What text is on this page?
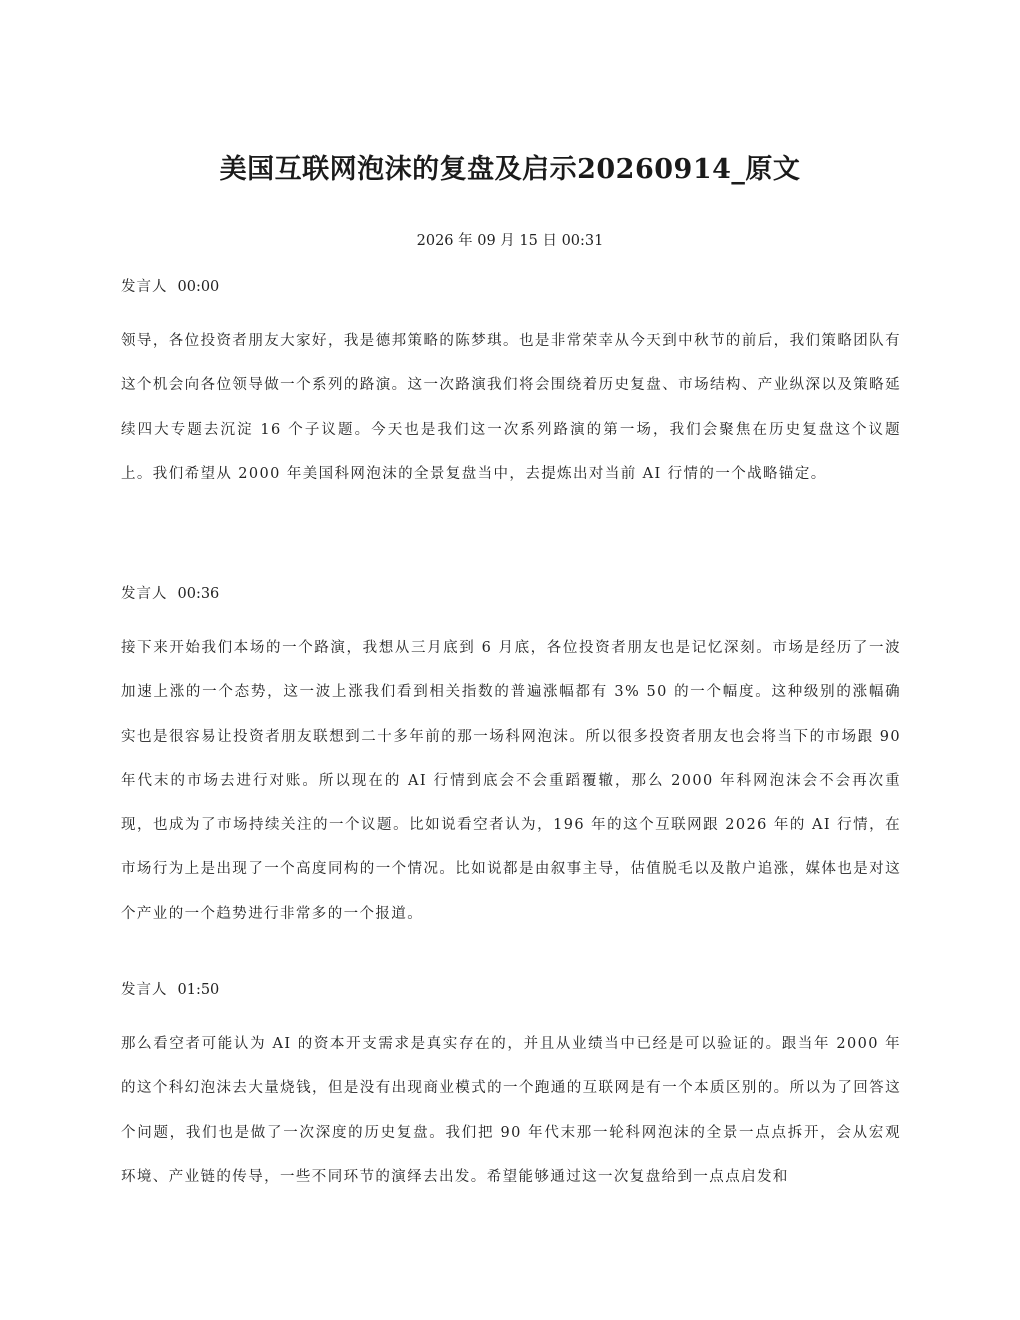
美国互联网泡沫的复盘及启示20260914_原文
2026 年 09 月 15 日 00:31
发言人 00:00

领导，各位投资者朋友大家好，我是德邦策略的陈梦琪。也是非常荣幸从今天到中秋节的前后，我们策略团队有这个机会向各位领导做一个系列的路演。这一次路演我们将会围绕着历史复盘、市场结构、产业纵深以及策略延续四大专题去沉淀 16 个子议题。今天也是我们这一次系列路演的第一场，我们会聚焦在历史复盘这个议题上。我们希望从 2000 年美国科网泡沫的全景复盘当中，去提炼出对当前 AI 行情的一个战略锚定。

发言人 00:36

接下来开始我们本场的一个路演，我想从三月底到 6 月底，各位投资者朋友也是记忆深刻。市场是经历了一波加速上涨的一个态势，这一波上涨我们看到相关指数的普遍涨幅都有 3% 50 的一个幅度。这种级别的涨幅确实也是很容易让投资者朋友联想到二十多年前的那一场科网泡沫。所以很多投资者朋友也会将当下的市场跟 90 年代末的市场去进行对账。所以现在的 AI 行情到底会不会重蹈覆辙，那么 2000 年科网泡沫会不会再次重现，也成为了市场持续关注的一个议题。比如说看空者认为，196 年的这个互联网跟 2026 年的 AI 行情，在市场行为上是出现了一个高度同构的一个情况。比如说都是由叙事主导，估值脱毛以及散户追涨，媒体也是对这个产业的一个趋势进行非常多的一个报道。

发言人 01:50

那么看空者可能认为 AI 的资本开支需求是真实存在的，并且从业绩当中已经是可以验证的。跟当年 2000 年的这个科幻泡沫去大量烧钱，但是没有出现商业模式的一个跑通的互联网是有一个本质区别的。所以为了回答这个问题，我们也是做了一次深度的历史复盘。我们把 90 年代末那一轮科网泡沫的全景一点点拆开，会从宏观环境、产业链的传导，一些不同环节的演绎去出发。希望能够通过这一次复盘给到一点点启发和
